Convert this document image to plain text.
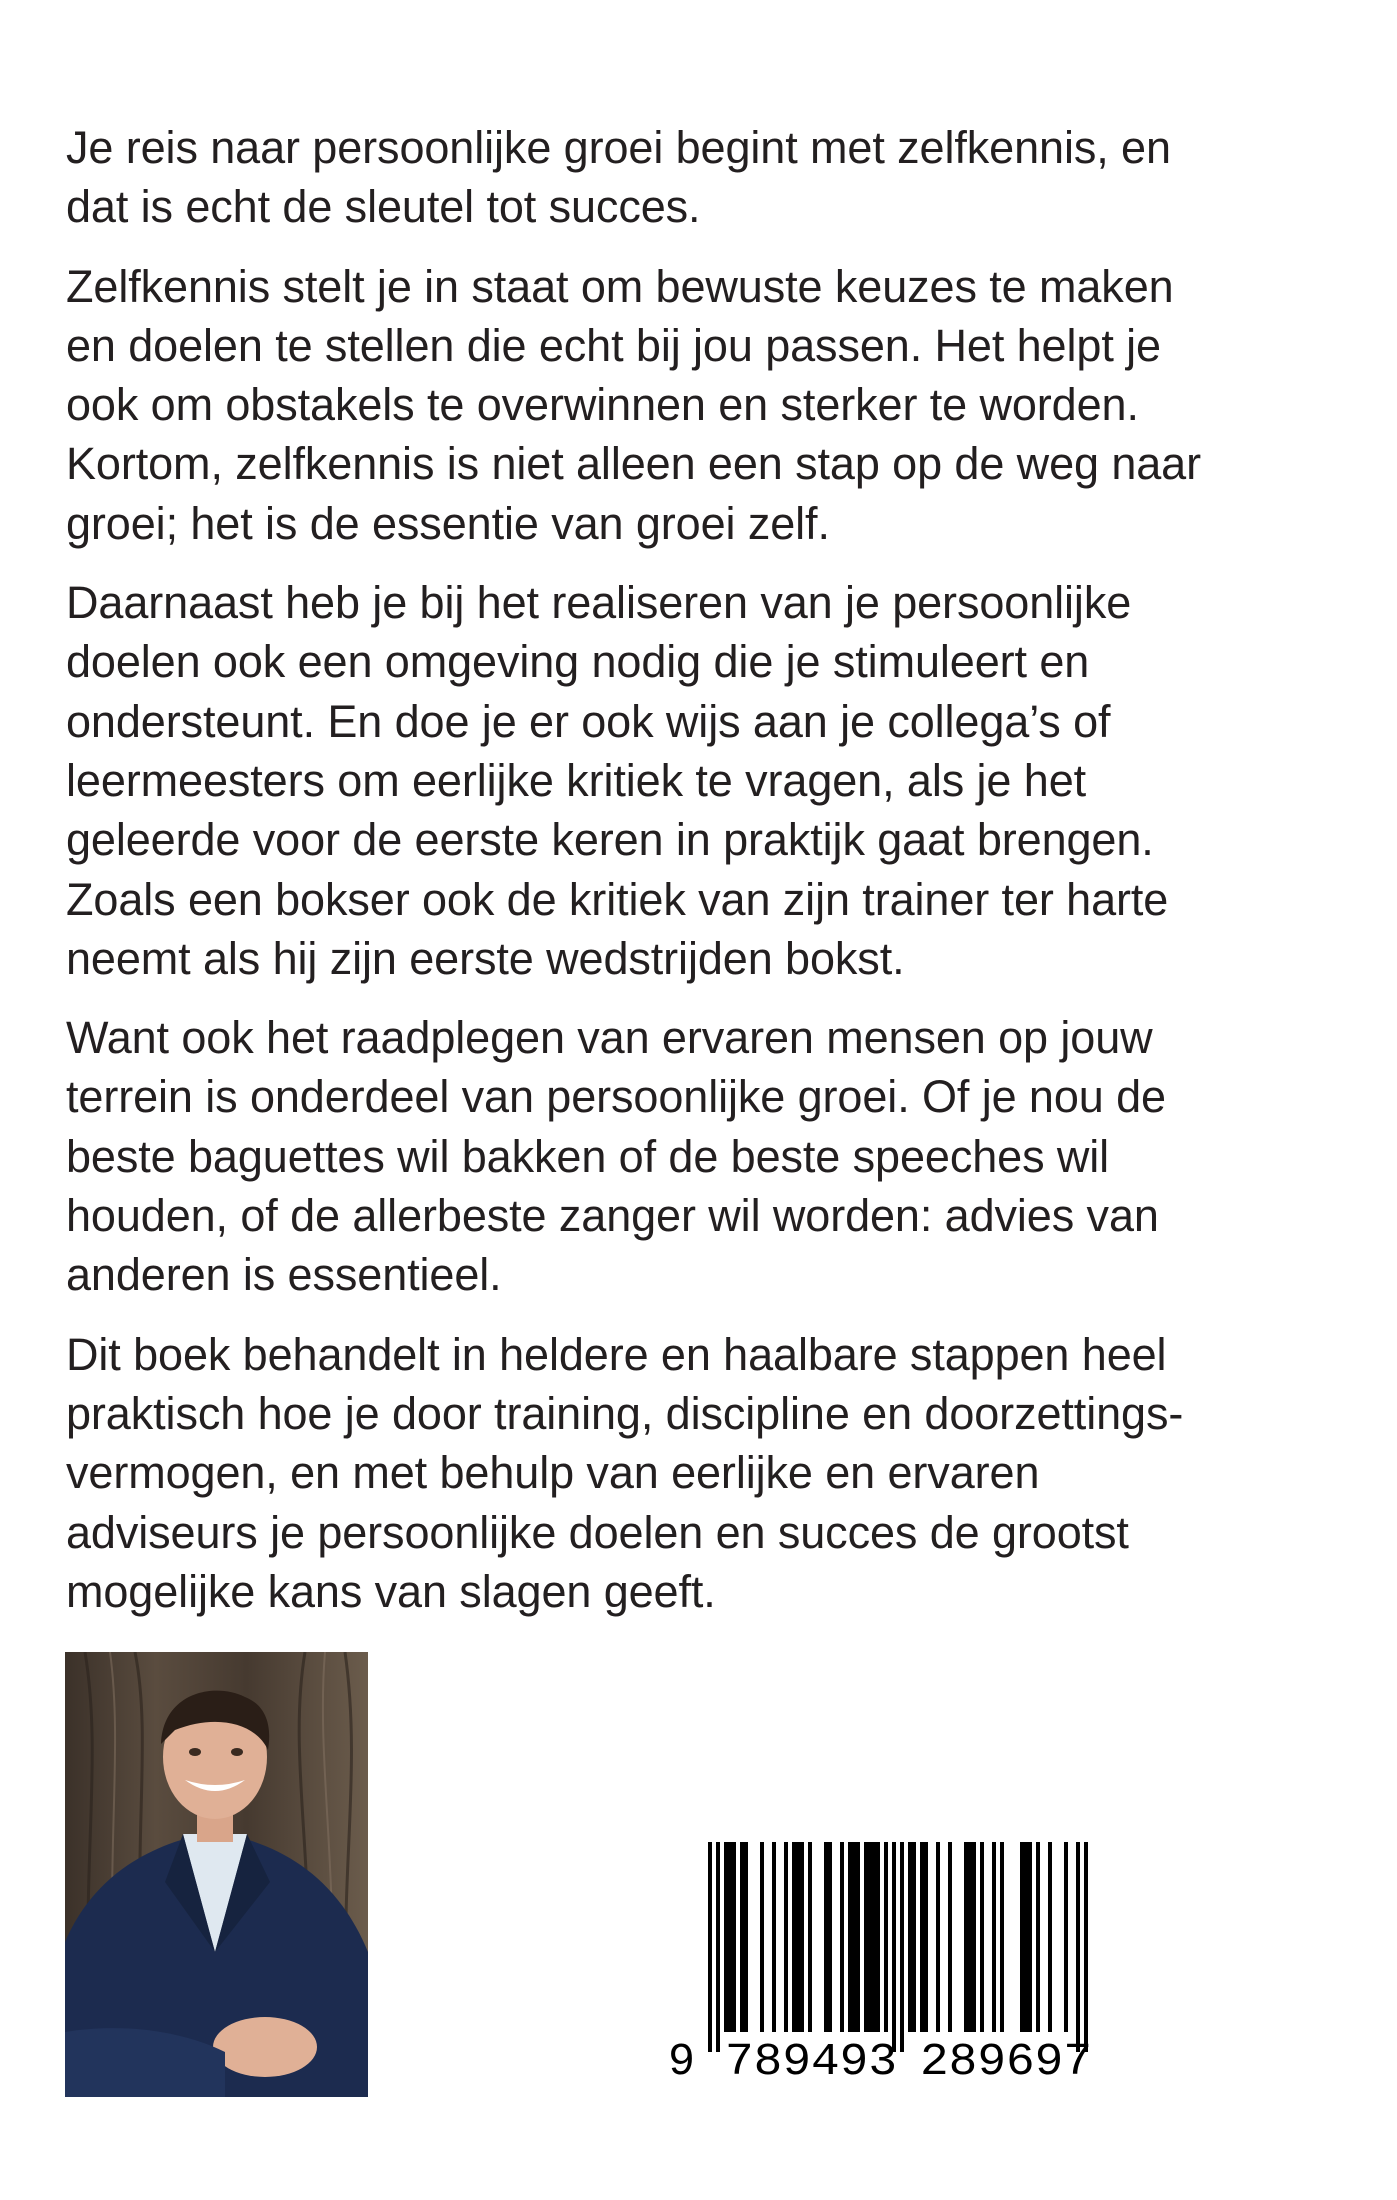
Je reis naar persoonlijke groei begint met zelfkennis, en
dat is echt de sleutel tot succes.

Zelfkennis stelt je in staat om bewuste keuzes te maken
en doelen te stellen die echt bij jou passen. Het helpt je
ook om obstakels te overwinnen en sterker te worden.
Kortom, zelfkennis is niet alleen een stap op de weg naar
groei; het is de essentie van groei zelf.

Daarnaast heb je bij het realiseren van je persoonlijke
doelen ook een omgeving nodig die je stimuleert en
ondersteunt. En doe je er ook wijs aan je collega’s of
leermeesters om eerlijke kritiek te vragen, als je het
geleerde voor de eerste keren in praktijk gaat brengen.
Zoals een bokser ook de kritiek van zijn trainer ter harte
neemt als hij zijn eerste wedstrijden bokst.

Want ook het raadplegen van ervaren mensen op jouw
terrein is onderdeel van persoonlijke groei. Of je nou de
beste baguettes wil bakken of de beste speeches wil
houden, of de allerbeste zanger wil worden: advies van
anderen is essentieel.

Dit boek behandelt in heldere en haalbare stappen heel
praktisch hoe je door training, discipline en doorzettings-
vermogen, en met behulp van eerlijke en ervaren
adviseurs je persoonlijke doelen en succes de grootst
mogelijke kans van slagen geeft.

9 789493 289697
